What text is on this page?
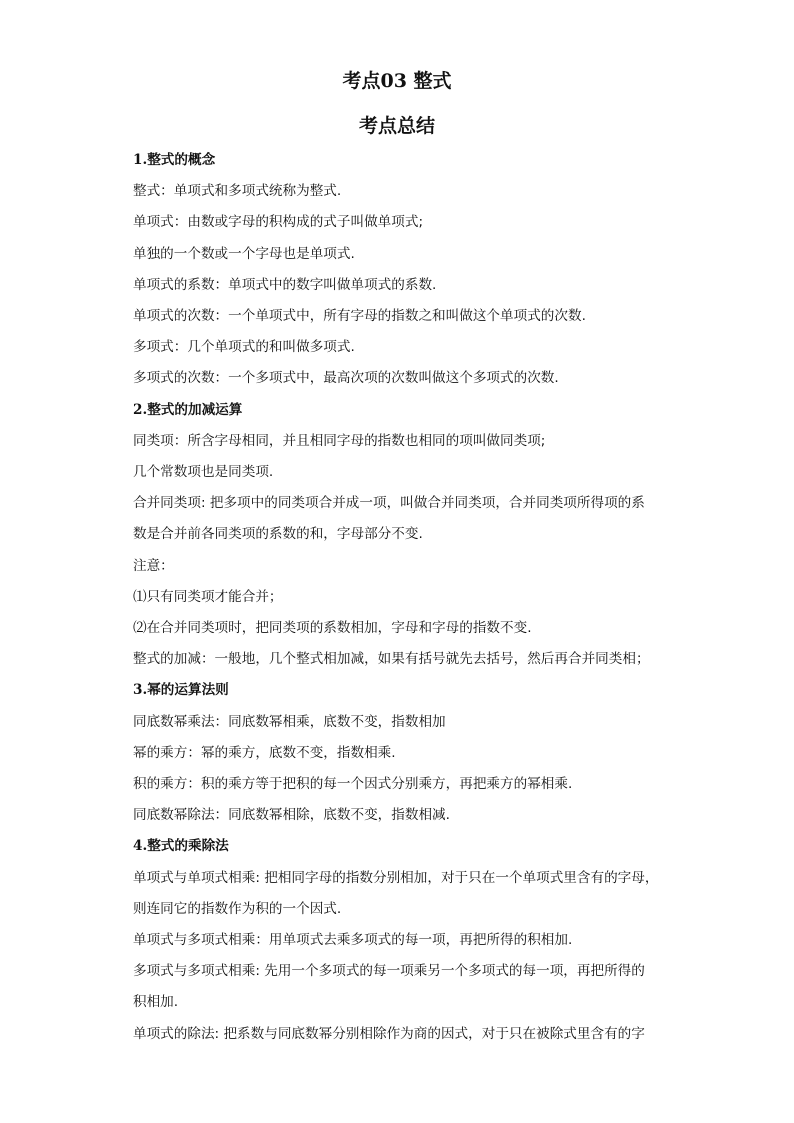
考点03 整式
考点总结

1.整式的概念

整式：单项式和多项式统称为整式.

单项式：由数或字母的积构成的式子叫做单项式;

单独的一个数或一个字母也是单项式.

单项式的系数：单项式中的数字叫做单项式的系数.

单项式的次数：一个单项式中，所有字母的指数之和叫做这个单项式的次数.

多项式：几个单项式的和叫做多项式.

多项式的次数：一个多项式中，最高次项的次数叫做这个多项式的次数.

2.整式的加减运算

同类项：所含字母相同，并且相同字母的指数也相同的项叫做同类项;

几个常数项也是同类项.

合并同类项: 把多项中的同类项合并成一项，叫做合并同类项，合并同类项所得项的系

数是合并前各同类项的系数的和，字母部分不变.

注意：

⑴只有同类项才能合并；

⑵在合并同类项时，把同类项的系数相加，字母和字母的指数不变.

整式的加减：一般地，几个整式相加减，如果有括号就先去括号，然后再合并同类相；

3.幂的运算法则

同底数幂乘法：同底数幂相乘，底数不变，指数相加

幂的乘方：幂的乘方，底数不变，指数相乘.

积的乘方：积的乘方等于把积的每一个因式分别乘方，再把乘方的幂相乘.

同底数幂除法：同底数幂相除，底数不变，指数相减.

4.整式的乘除法

单项式与单项式相乘: 把相同字母的指数分别相加，对于只在一个单项式里含有的字母，

则连同它的指数作为积的一个因式.

单项式与多项式相乘：用单项式去乘多项式的每一项，再把所得的积相加.

多项式与多项式相乘: 先用一个多项式的每一项乘另一个多项式的每一项，再把所得的

积相加.

单项式的除法: 把系数与同底数幂分别相除作为商的因式，对于只在被除式里含有的字
